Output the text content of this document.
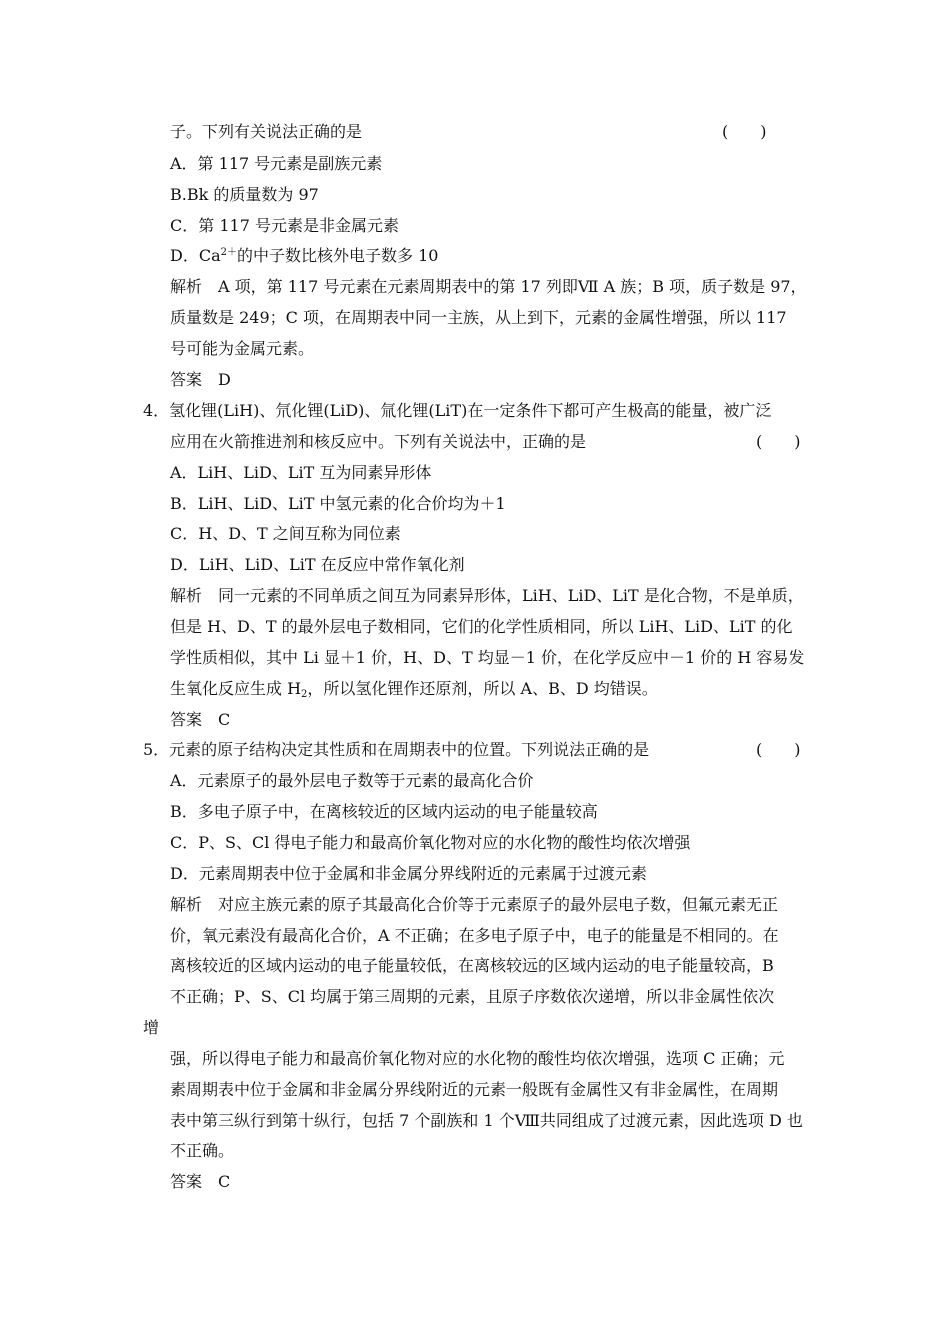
子。下列有关说法正确的是	(　　)
A．第 117 号元素是副族元素
B.Bk 的质量数为 97
C．第 117 号元素是非金属元素
D．$Ca^{2+}$的中子数比核外电子数多 10
解析　A 项，第 117 号元素在元素周期表中的第 17 列即Ⅶ A 族；B 项，质子数是 97，
质量数是 249；C 项，在周期表中同一主族，从上到下，元素的金属性增强，所以 117
号可能为金属元素。
答案　D
4．氢化锂(LiH)、氘化锂(LiD)、氚化锂(LiT)在一定条件下都可产生极高的能量，被广泛
应用在火箭推进剂和核反应中。下列有关说法中，正确的是	(　　)
A．LiH、LiD、LiT 互为同素异形体
B．LiH、LiD、LiT 中氢元素的化合价均为＋1
C．H、D、T 之间互称为同位素
D．LiH、LiD、LiT 在反应中常作氧化剂
解析　同一元素的不同单质之间互为同素异形体，LiH、LiD、LiT 是化合物，不是单质，
但是 H、D、T 的最外层电子数相同，它们的化学性质相同，所以 LiH、LiD、LiT 的化
学性质相似，其中 Li 显＋1 价，H、D、T 均显－1 价，在化学反应中－1 价的 H 容易发
生氧化反应生成 $H_2$，所以氢化锂作还原剂，所以 A、B、D 均错误。
答案　C
5．元素的原子结构决定其性质和在周期表中的位置。下列说法正确的是	(　　)
A．元素原子的最外层电子数等于元素的最高化合价
B．多电子原子中，在离核较近的区域内运动的电子能量较高
C．P、S、Cl 得电子能力和最高价氧化物对应的水化物的酸性均依次增强
D．元素周期表中位于金属和非金属分界线附近的元素属于过渡元素
解析　对应主族元素的原子其最高化合价等于元素原子的最外层电子数，但氟元素无正
价，氧元素没有最高化合价，A 不正确；在多电子原子中，电子的能量是不相同的。在
离核较近的区域内运动的电子能量较低，在离核较远的区域内运动的电子能量较高，B
不正确；P、S、Cl 均属于第三周期的元素，且原子序数依次递增，所以非金属性依次
增
强，所以得电子能力和最高价氧化物对应的水化物的酸性均依次增强，选项 C 正确；元
素周期表中位于金属和非金属分界线附近的元素一般既有金属性又有非金属性，在周期
表中第三纵行到第十纵行，包括 7 个副族和 1 个Ⅷ共同组成了过渡元素，因此选项 D 也
不正确。
答案　C
